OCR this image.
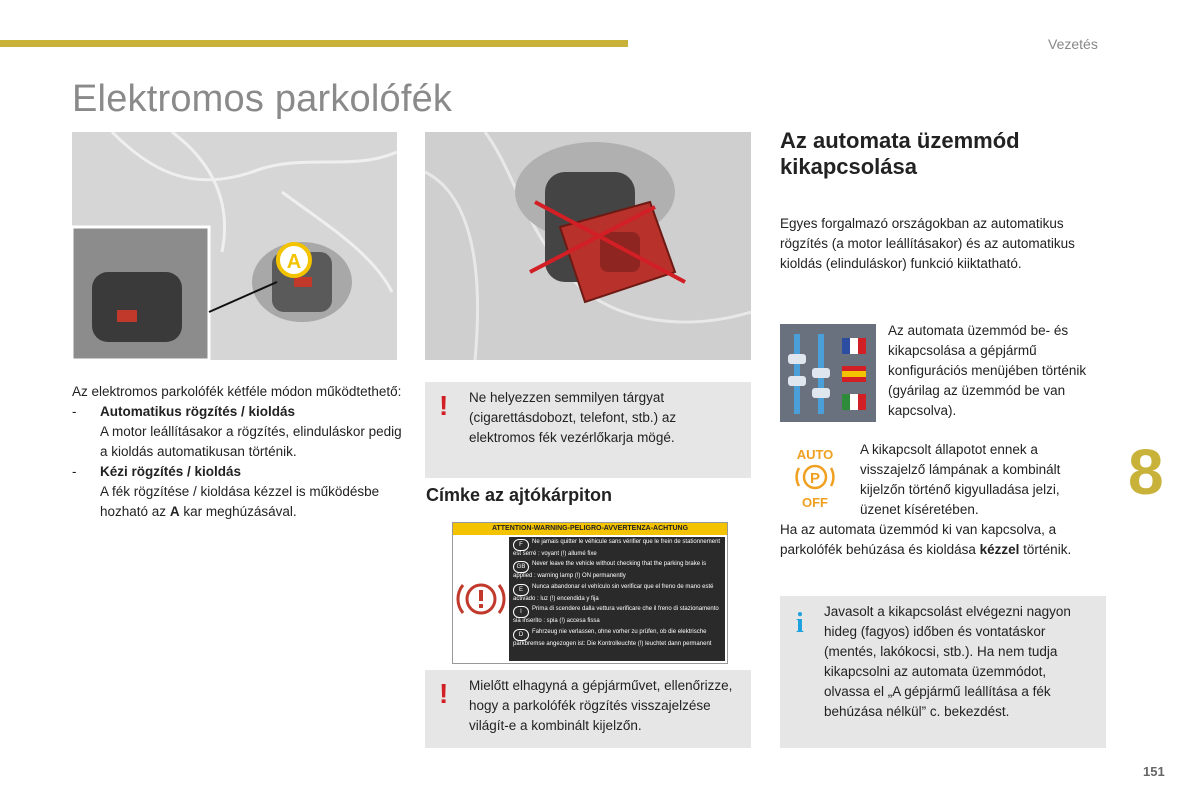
Vezetés
Elektromos parkolófék
8
151
A
Az elektromos parkolófék kétféle módon működtethető:
- Automatikus rögzítés / kioldás
A motor leállításakor a rögzítés, elinduláskor pedig a kioldás automatikusan történik.
- Kézi rögzítés / kioldás
A fék rögzítése / kioldása kézzel is működésbe hozható az A kar meghúzásával.
! Ne helyezzen semmilyen tárgyat (cigarettásdobozt, telefont, stb.) az elektromos fék vezérlőkarja mögé.
Címke az ajtókárpiton
ATTENTION-WARNING-PELIGRO-AVVERTENZA-ACHTUNG
F Ne jamais quitter le véhicule sans vérifier que le frein de stationnement est serré : voyant (!) allumé fixe
GB Never leave the vehicle without checking that the parking brake is applied : warning lamp (!) ON permanently
E Nunca abandonar el vehículo sin verificar que el freno de mano esté activado : luz (!) encendida y fija
I Prima di scendere dalla vettura verificare che il freno di stazionamento sia inserito : spia (!) accesa fissa
D Fahrzeug nie verlassen, ohne vorher zu prüfen, ob die elektrische parkbremse angezogen ist: Die Kontrolleuchte (!) leuchtet dann permanent
! Mielőtt elhagyná a gépjárművet, ellenőrizze, hogy a parkolófék rögzítés visszajelzése világít-e a kombinált kijelzőn.
Az automata üzemmód kikapcsolása
Egyes forgalmazó országokban az automatikus rögzítés (a motor leállításakor) és az automatikus kioldás (elinduláskor) funkció kiiktatható.
Az automata üzemmód be- és kikapcsolása a gépjármű konfigurációs menüjében történik (gyárilag az üzemmód be van kapcsolva).
AUTO
P
OFF
A kikapcsolt állapotot ennek a visszajelző lámpának a kombinált kijelzőn történő kigyulladása jelzi, üzenet kíséretében.
Ha az automata üzemmód ki van kapcsolva, a parkolófék behúzása és kioldása kézzel történik.
i Javasolt a kikapcsolást elvégezni nagyon hideg (fagyos) időben és vontatáskor (mentés, lakókocsi, stb.). Ha nem tudja kikapcsolni az automata üzemmódot, olvassa el „A gépjármű leállítása a fék behúzása nélkül” c. bekezdést.
